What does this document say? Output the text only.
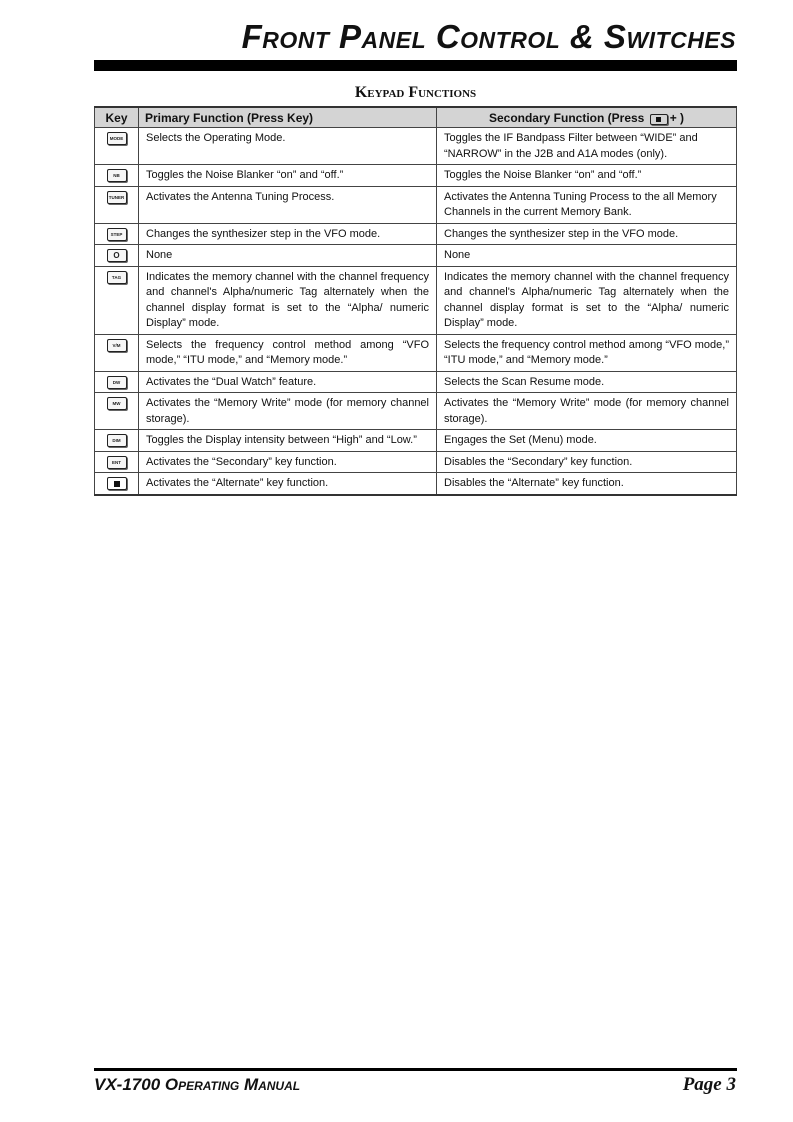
Front Panel Control & Switches
Keypad Functions
Key	Primary Function (Press Key)	Secondary Function (Press + )
MODE	Selects the Operating Mode.	Toggles the IF Bandpass Filter between “WIDE” and “NARROW” in the J2B and A1A modes (only).
NB	Toggles the Noise Blanker “on” and “off.”	Toggles the Noise Blanker “on” and “off.”
TUNER	Activates the Antenna Tuning Process.	Activates the Antenna Tuning Process to the all Memory Channels in the current Memory Bank.
STEP	Changes the synthesizer step in the VFO mode.	Changes the synthesizer step in the VFO mode.
O	None	None
TAG	Indicates the memory channel with the channel frequency and channel's Alpha/numeric Tag alternately when the channel display format is set to the “Alpha/ numeric Display” mode.	Indicates the memory channel with the channel frequency and channel's Alpha/numeric Tag alternately when the channel display format is set to the “Alpha/ numeric Display” mode.
V/M	Selects the frequency control method among “VFO mode,” “ITU mode,” and “Memory mode.”	Selects the frequency control method among “VFO mode,” “ITU mode,” and “Memory mode.”
DW	Activates the “Dual Watch” feature.	Selects the Scan Resume mode.
MW	Activates the “Memory Write” mode (for memory channel storage).	Activates the “Memory Write” mode (for memory channel storage).
DIM	Toggles the Display intensity between “High” and “Low.”	Engages the Set (Menu) mode.
ENT	Activates the “Secondary” key function.	Disables the “Secondary” key function.
	Activates the “Alternate” key function.	Disables the “Alternate” key function.
VX-1700 Operating Manual	Page 3
